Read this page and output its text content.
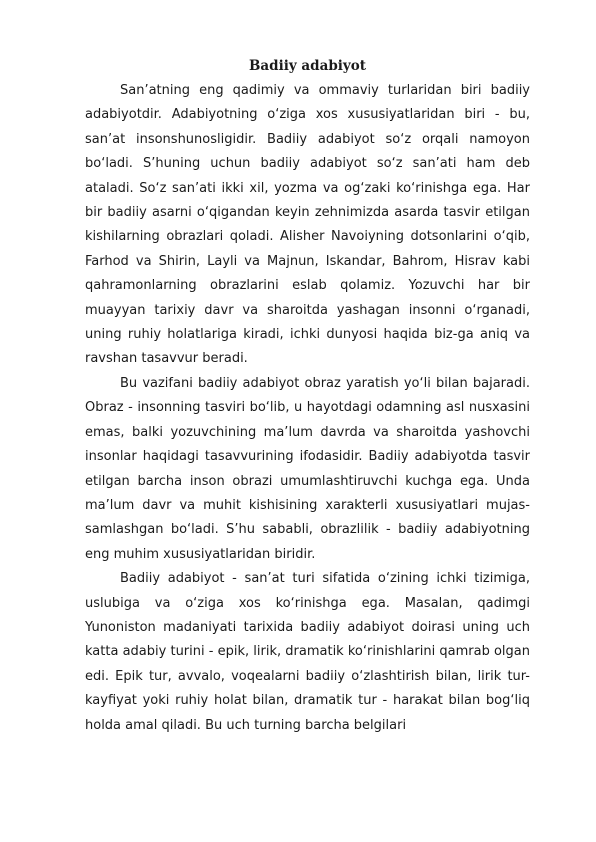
Badiiy adabiyot

San’atning eng qadimiy va ommaviy turlaridan biri badiiy adabiyotdir. Adabiyotning o‘ziga xos xususiyatlaridan biri - bu, san’at insonshunosligidir. Badiiy adabiyot so‘z orqali namoyon bo‘ladi. S’huning uchun badiiy adabiyot so‘z san’ati ham deb ataladi. So‘z san’ati ikki xil, yozma va og‘zaki ko‘rinishga ega. Har bir badiiy asarni o‘qigandan keyin zehnimizda asarda tasvir etilgan kishilarning obrazlari qoladi. Alisher Navoiyning dotsonlarini o‘qib, Farhod va Shirin, Layli va Majnun, Iskandar, Bahrom, Hisrav kabi qahramonlarning obrazlarini eslab qolamiz. Yozuvchi har bir muayyan tarixiy davr va sharoitda yashagan insonni o‘rganadi, uning ruhiy holatlariga kiradi, ichki dunyosi haqida biz-ga aniq va ravshan tasavvur beradi.

Bu vazifani badiiy adabiyot obraz yaratish yo‘li bilan bajaradi. Obraz - insonning tasviri bo‘lib, u hayotdagi odamning asl nusxasini emas, balki yozuvchining ma’lum davrda va sharoitda yashovchi insonlar haqidagi tasavvurining ifodasidir. Badiiy adabiyotda tasvir etilgan barcha inson obrazi umumlashtiruvchi kuchga ega. Unda ma’lum davr va muhit kishisining xarakterli xususiyatlari mujas-samlashgan bo‘ladi. S’hu sababli, obrazlilik - badiiy adabiyotning eng muhim xususiyatlaridan biridir.

Badiiy adabiyot - san’at turi sifatida o‘zining ichki tizimiga, uslubiga va o‘ziga xos ko‘rinishga ega. Masalan, qadimgi Yunoniston madaniyati tarixida badiiy adabiyot doirasi uning uch katta adabiy turini - epik, lirik, dramatik ko‘rinishlarini qamrab olgan edi. Epik tur, avvalo, voqealarni badiiy o‘zlashtirish bilan, lirik tur-kayfiyat yoki ruhiy holat bilan, dramatik tur - harakat bilan bog‘liq holda amal qiladi. Bu uch turning barcha belgilari
